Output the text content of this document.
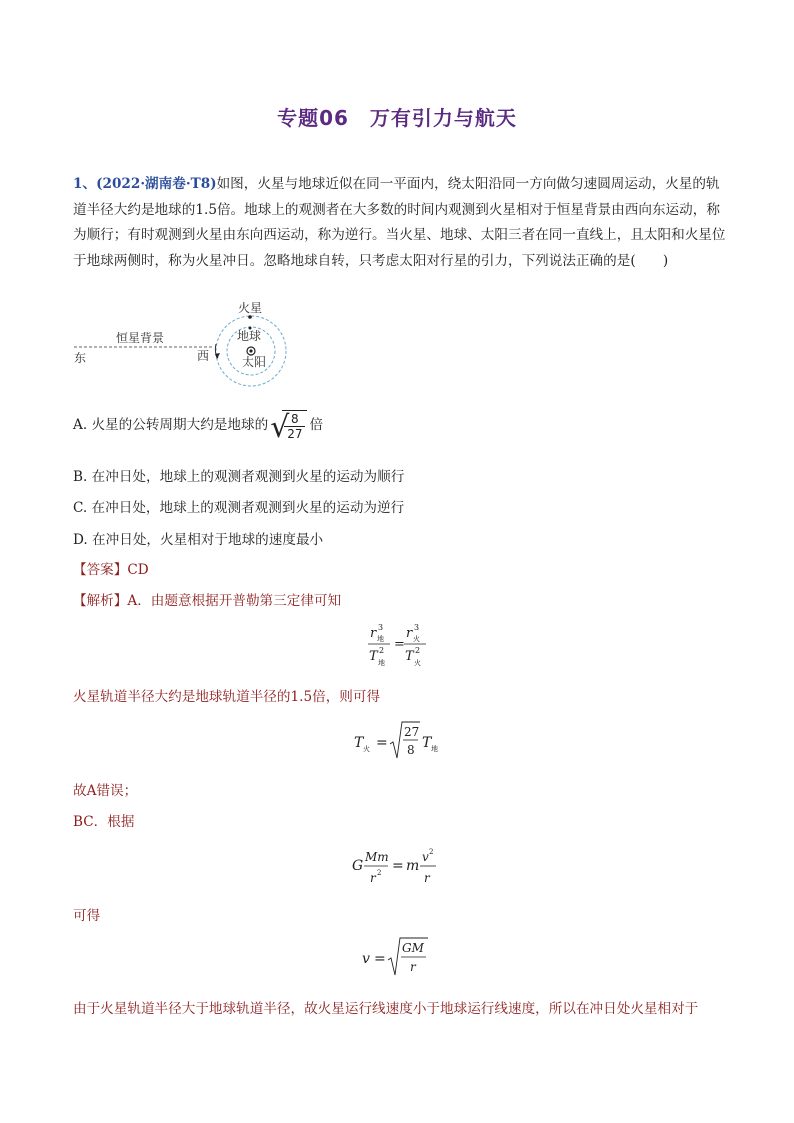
专题06　万有引力与航天
1、(2022·湖南卷·T8)如图，火星与地球近似在同一平面内，绕太阳沿同一方向做匀速圆周运动，火星的轨道半径大约是地球的1.5倍。地球上的观测者在大多数的时间内观测到火星相对于恒星背景由西向东运动，称为顺行；有时观测到火星由东向西运动，称为逆行。当火星、地球、太阳三者在同一直线上，且太阳和火星位于地球两侧时，称为火星冲日。忽略地球自转，只考虑太阳对行星的引力，下列说法正确的是(　　)
火星
地球
太阳
恒星背景
东	西
A. 火星的公转周期大约是地球的 √
$\frac{8}{27}$ 倍
B. 在冲日处，地球上的观测者观测到火星的运动为顺行
C. 在冲日处，地球上的观测者观测到火星的运动为逆行
D. 在冲日处，火星相对于地球的速度最小
【答案】CD
【解析】A．由题意根据开普勒第三定律可知
r 地
3
T 地
2 =
r 火
3
T 火
2
火星轨道半径大约是地球轨道半径的1.5倍，则可得
T 火 =
27
8 T 地
故A错误；
BC．根据
G
Mm
r 2 = m
v 2
r
可得
v =
GM
r
由于火星轨道半径大于地球轨道半径，故火星运行线速度小于地球运行线速度，所以在冲日处火星相对于
